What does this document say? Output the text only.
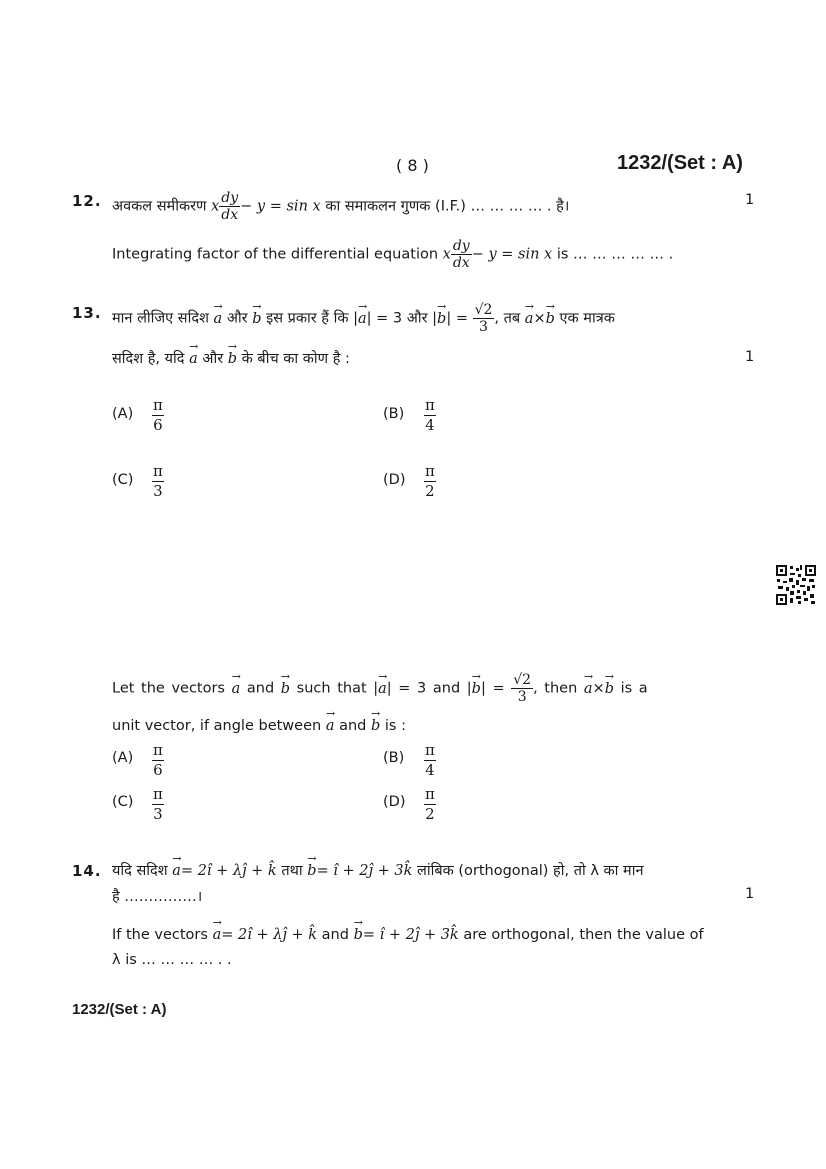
( 8 )	1232/(Set : A)
12. अवकल समीकरण x $\frac{dy}{dx} - y = \sin x$ का समाकलन गुणक (I.F.) … … … … . है।	1
Integrating factor of the differential equation x $\frac{dy}{dx} - y = \sin x$ is … … … … … .
13. मान लीजिए सदिश → a और → b इस प्रकार हैं कि |→ a| = 3 और |→ $b| = \frac{√2}{3}$ , तब → a×→ b एक मात्रक
सदिश है, यदि → a और → b के बीच का कोण है :	1
$(A) \frac{\pi}{6}$	$(B) \frac{\pi}{4}$
$(C) \frac{\pi}{3}$	$(D) \frac{\pi}{2}$
Let the vectors → a and → b such that |→ a| = 3 and |→ $b| = \frac{√2}{3}$ , then → a×→ b is a
unit vector, if angle between → a and → b is :
$(A) \frac{\pi}{6}$	$(B) \frac{\pi}{4}$
$(C) \frac{\pi}{3}$	$(D) \frac{\pi}{2}$
14. यदि सदिश → a= 2î + λĵ + k̂ तथा → b= î + 2ĵ + 3k̂ लांबिक (orthogonal) हो, तो λ का मान
है ……………।	1
If the vectors → a= 2î + λĵ + k̂ and → b= î + 2ĵ + 3k̂ are orthogonal, then the value of
λ is … … … … . .
1232/(Set : A)
